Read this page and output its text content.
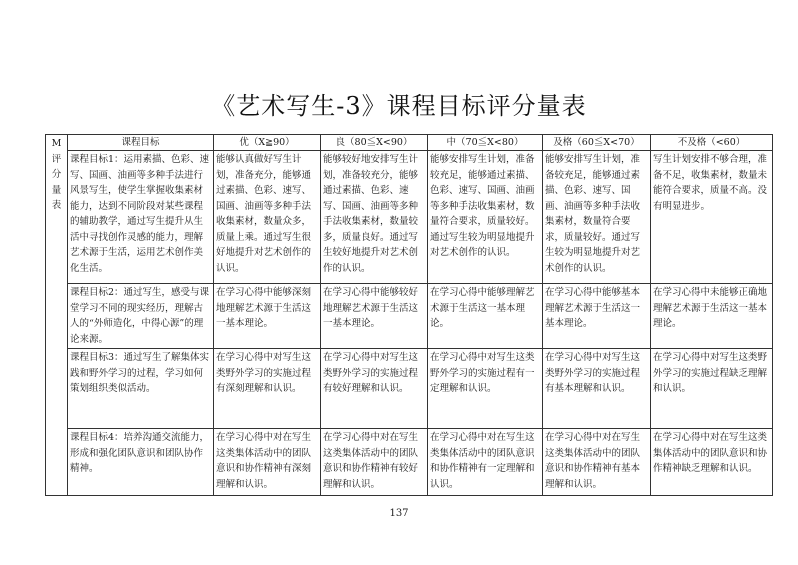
《艺术写生-3》课程目标评分量表
M
评
分
量
表	课程目标	优（X≧90）	良（80≦X<90）	中（70≦X<80）	及格（60≦X<70）	不及格（<60）
	课程目标1：运用素描、色彩、速写、国画、油画等多种手法进行风景写生，使学生掌握收集素材能力，达到不同阶段对某些课程的辅助教学，通过写生提升从生活中寻找创作灵感的能力，理解艺术源于生活，运用艺术创作美化生活。	能够认真做好写生计划，准备充分，能够通过素描、色彩、速写、国画、油画等多种手法收集素材，数量众多，质量上乘。通过写生很好地提升对艺术创作的认识。	能够较好地安排写生计划，准备较充分，能够通过素描、色彩、速写、国画、油画等多种手法收集素材，数量较多，质量良好。通过写生较好地提升对艺术创作的认识。	能够安排写生计划，准备较充足，能够通过素描、色彩、速写、国画、油画等多种手法收集素材，数量符合要求，质量较好。通过写生较为明显地提升对艺术创作的认识。	能够安排写生计划，准备较充足，能够通过素描、色彩、速写、国画、油画等多种手法收集素材，数量符合要求，质量较好。通过写生较为明显地提升对艺术创作的认识。	写生计划安排不够合理，准备不足，收集素材，数量未能符合要求，质量不高。没有明显进步。
	课程目标2：通过写生，感受与课堂学习不同的现实经历，理解古人的“外师造化，中得心源”的理论来源。	在学习心得中能够深刻地理解艺术源于生活这一基本理论。	在学习心得中能够较好地理解艺术源于生活这一基本理论。	在学习心得中能够理解艺术源于生活这一基本理论。	在学习心得中能够基本理解艺术源于生活这一基本理论。	在学习心得中未能够正确地理解艺术源于生活这一基本理论。
	课程目标3：通过写生了解集体实践和野外学习的过程，学习如何策划组织类似活动。	在学习心得中对写生这类野外学习的实施过程有深刻理解和认识。	在学习心得中对写生这类野外学习的实施过程有较好理解和认识。	在学习心得中对写生这类野外学习的实施过程有一定理解和认识。	在学习心得中对写生这类野外学习的实施过程有基本理解和认识。	在学习心得中对写生这类野外学习的实施过程缺乏理解和认识。
	课程目标4：培养沟通交流能力，形成和强化团队意识和团队协作精神。	在学习心得中对在写生这类集体活动中的团队意识和协作精神有深刻理解和认识。	在学习心得中对在写生这类集体活动中的团队意识和协作精神有较好理解和认识。	在学习心得中对在写生这类集体活动中的团队意识和协作精神有一定理解和认识。	在学习心得中对在写生这类集体活动中的团队意识和协作精神有基本理解和认识。	在学习心得中对在写生这类集体活动中的团队意识和协作精神缺乏理解和认识。
137
